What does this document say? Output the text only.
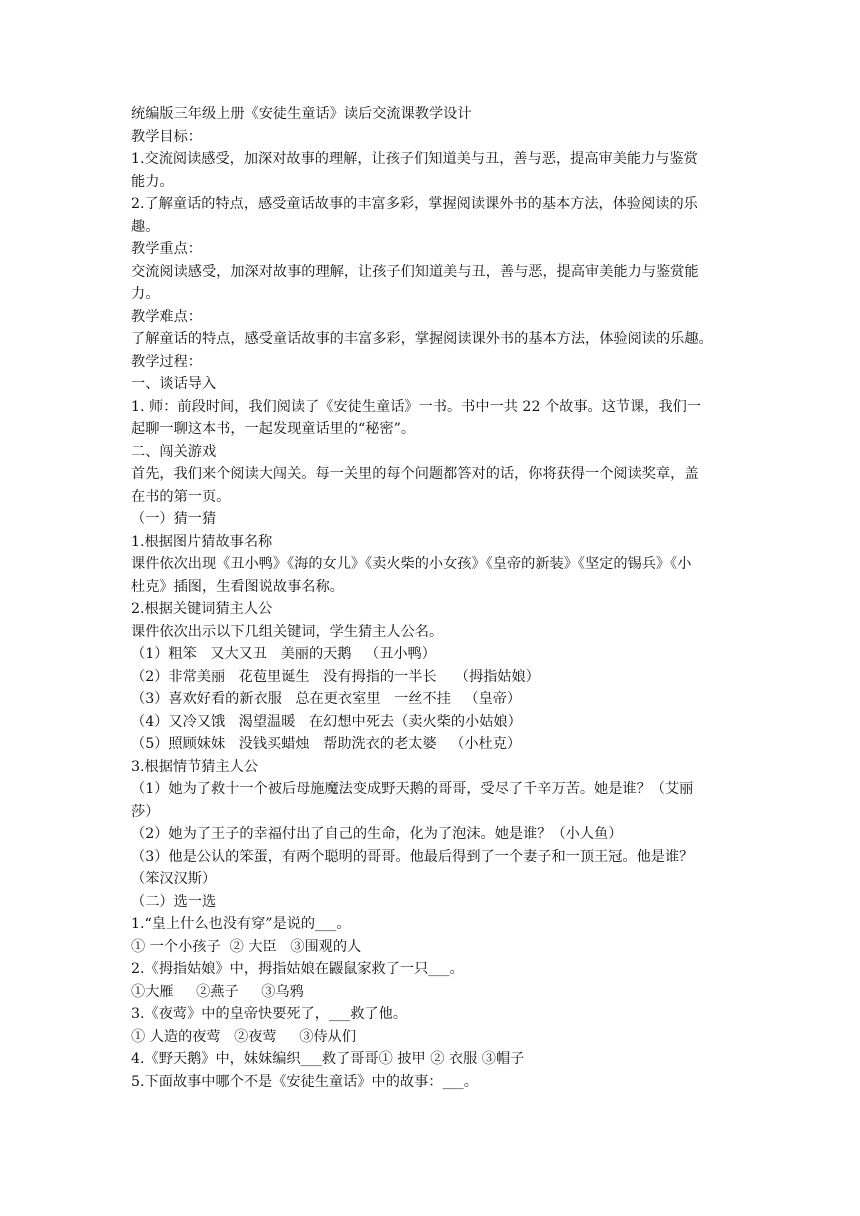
统编版三年级上册《安徒生童话》读后交流课教学设计
教学目标：
1.交流阅读感受，加深对故事的理解，让孩子们知道美与丑，善与恶，提高审美能力与鉴赏
能力。
2.了解童话的特点，感受童话故事的丰富多彩，掌握阅读课外书的基本方法，体验阅读的乐
趣。
教学重点：
交流阅读感受，加深对故事的理解，让孩子们知道美与丑，善与恶，提高审美能力与鉴赏能
力。
教学难点：
了解童话的特点，感受童话故事的丰富多彩，掌握阅读课外书的基本方法，体验阅读的乐趣。
教学过程：
一、谈话导入
1. 师：前段时间，我们阅读了《安徒生童话》一书。书中一共 22 个故事。这节课，我们一
起聊一聊这本书，一起发现童话里的“秘密”。
二、闯关游戏
首先，我们来个阅读大闯关。每一关里的每个问题都答对的话，你将获得一个阅读奖章，盖
在书的第一页。
（一）猜一猜
1.根据图片猜故事名称
课件依次出现《丑小鸭》《海的女儿》《卖火柴的小女孩》《皇帝的新装》《坚定的锡兵》《小
杜克》插图，生看图说故事名称。
2.根据关键词猜主人公
课件依次出示以下几组关键词，学生猜主人公名。
（1）粗笨   又大又丑   美丽的天鹅   （丑小鸭）
（2）非常美丽   花苞里诞生   没有拇指的一半长    （拇指姑娘）
（3）喜欢好看的新衣服   总在更衣室里   一丝不挂   （皇帝）
（4）又冷又饿   渴望温暖   在幻想中死去（卖火柴的小姑娘）
（5）照顾妹妹   没钱买蜡烛   帮助洗衣的老太婆   （小杜克）
3.根据情节猜主人公
（1）她为了救十一个被后母施魔法变成野天鹅的哥哥，受尽了千辛万苦。她是谁？（艾丽
莎）
（2）她为了王子的幸福付出了自己的生命，化为了泡沫。她是谁？（小人鱼）
（3）他是公认的笨蛋，有两个聪明的哥哥。他最后得到了一个妻子和一顶王冠。他是谁？
（笨汉汉斯）
（二）选一选
1.“皇上什么也没有穿”是说的___。
① 一个小孩子  ② 大臣   ③围观的人
2.《拇指姑娘》中，拇指姑娘在鼹鼠家救了一只___。
①大雁     ②燕子     ③乌鸦
3.《夜莺》中的皇帝快要死了，___救了他。
① 人造的夜莺   ②夜莺     ③侍从们
4.《野天鹅》中，妹妹编织___救了哥哥① 披甲 ② 衣服 ③帽子
5.下面故事中哪个不是《安徒生童话》中的故事：___。
